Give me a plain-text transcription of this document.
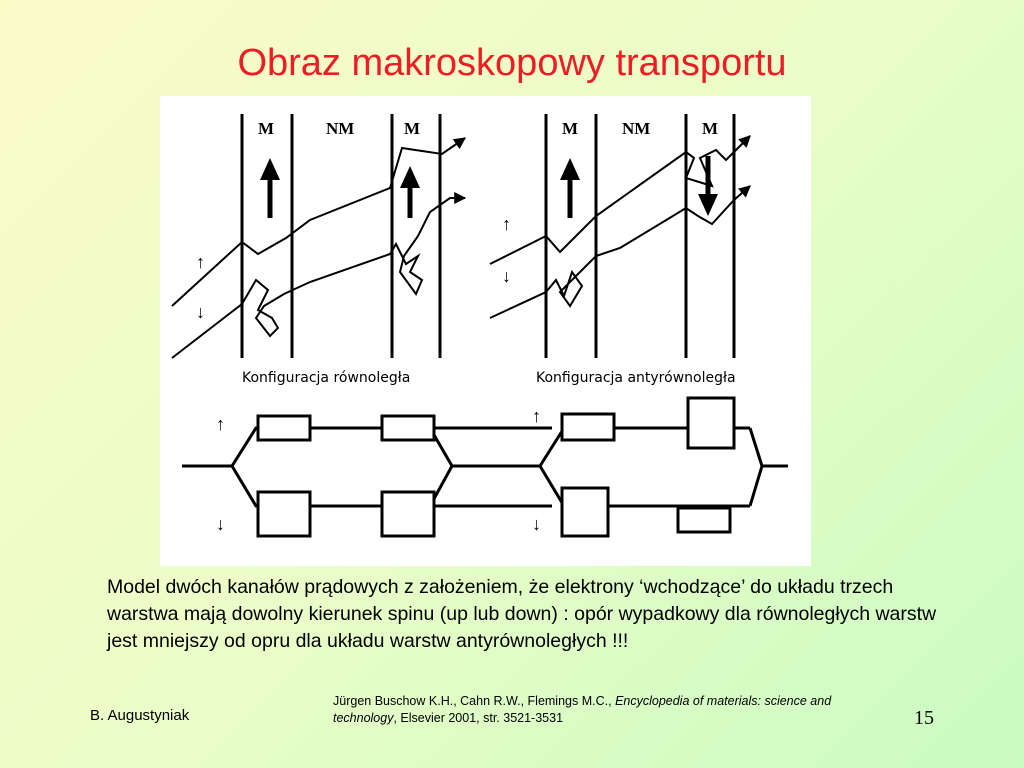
Obraz makroskopowy transportu
M	NM	M
↑
↓
Konfiguracja równoległa
M	NM	M
↑
↓
Konfiguracja antyrównoległa
↑
↓
↑
↓

Model dwóch kanałów prądowych z założeniem, że elektrony ‘wchodzące’ do układu trzech warstwa mają dowolny kierunek spinu (up lub down) : opór wypadkowy dla równoległych warstw jest mniejszy od opru dla układu warstw antyrównoległych !!!

B. Augustyniak
Jürgen Buschow K.H., Cahn R.W., Flemings M.C., Encyclopedia of materials: science and technology, Elsevier 2001, str. 3521-3531	15
